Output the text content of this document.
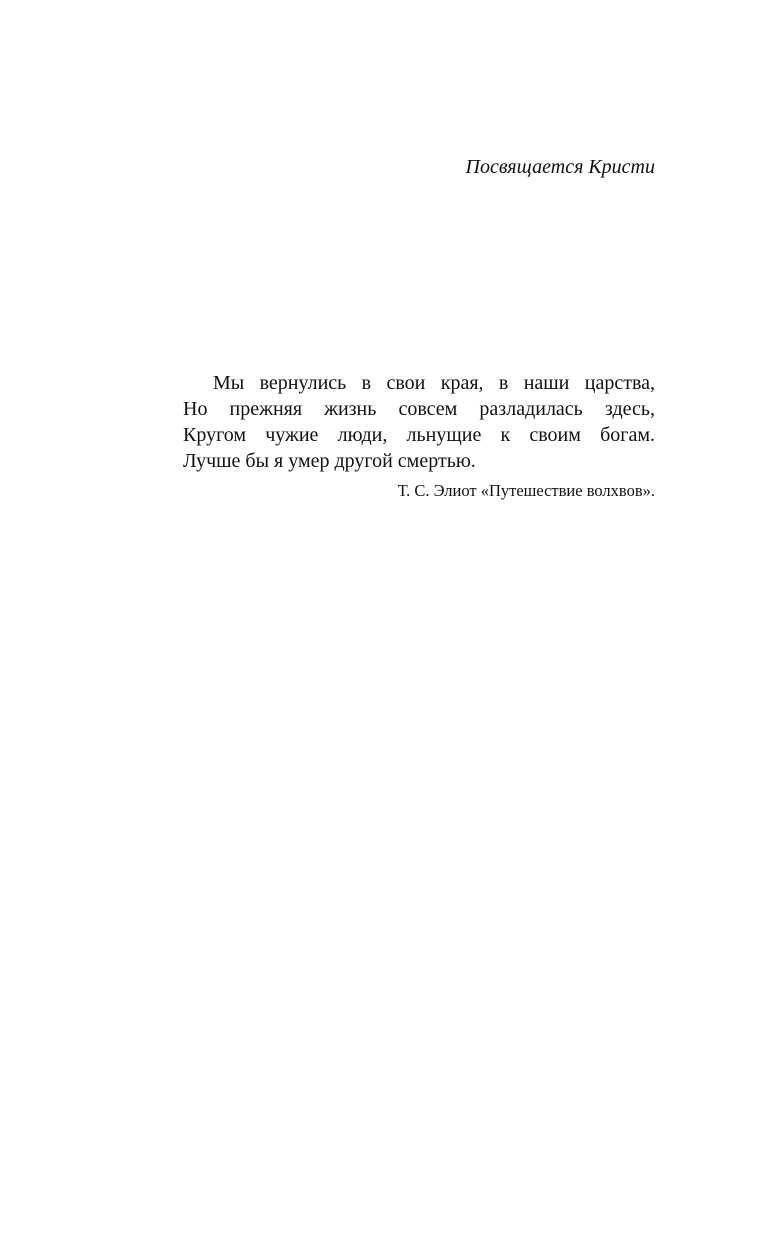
Посвящается Кристи

Мы вернулись в свои края, в наши царства,
Но прежняя жизнь совсем разладилась здесь,
Кругом чужие люди, льнущие к своим богам.
Лучше бы я умер другой смертью.

Т. С. Элиот «Путешествие волхвов».
